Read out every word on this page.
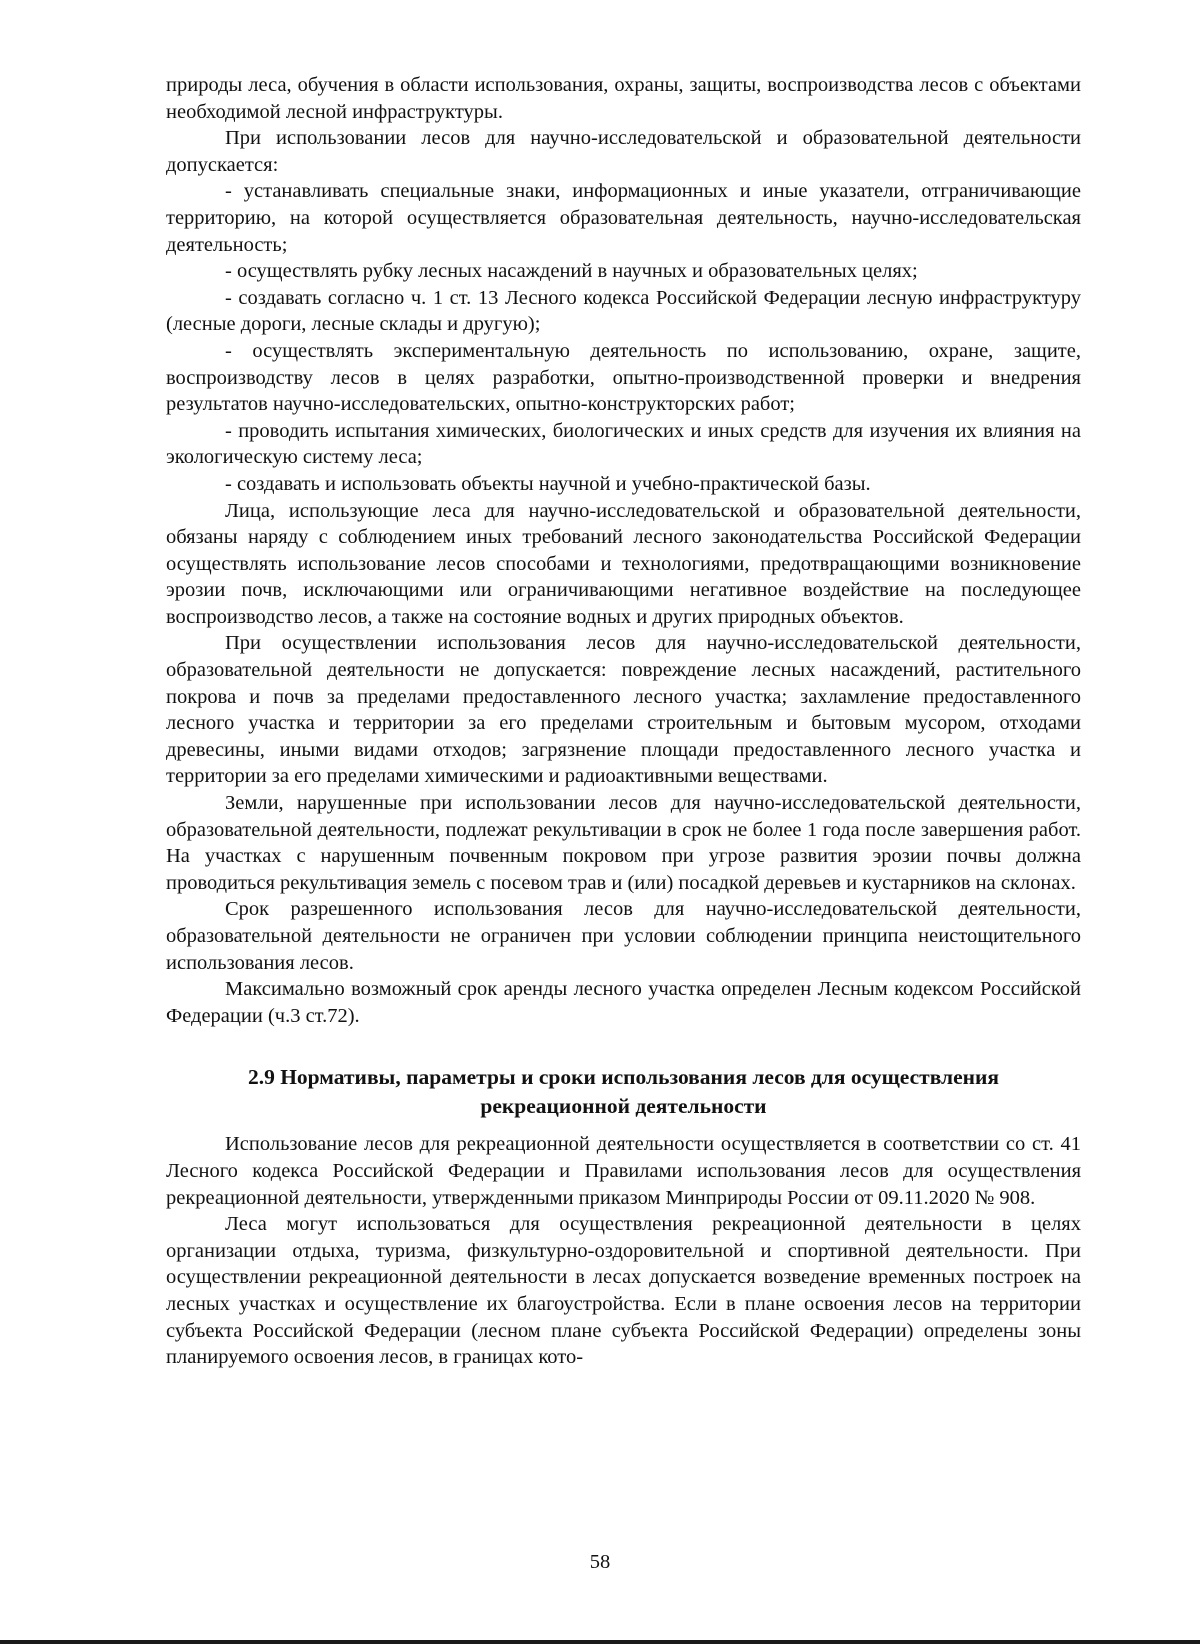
природы леса, обучения в области использования, охраны, защиты, воспроизводства лесов с объектами необходимой лесной инфраструктуры.

При использовании лесов для научно-исследовательской и образовательной деятельности допускается:

- устанавливать специальные знаки, информационных и иные указатели, отграничивающие территорию, на которой осуществляется образовательная деятельность, научно-исследовательская деятельность;

- осуществлять рубку лесных насаждений в научных и образовательных целях;

- создавать согласно ч. 1 ст. 13 Лесного кодекса Российской Федерации лесную инфраструктуру (лесные дороги, лесные склады и другую);

- осуществлять экспериментальную деятельность по использованию, охране, защите, воспроизводству лесов в целях разработки, опытно-производственной проверки и внедрения результатов научно-исследовательских, опытно-конструкторских работ;

- проводить испытания химических, биологических и иных средств для изучения их влияния на экологическую систему леса;

- создавать и использовать объекты научной и учебно-практической базы.

Лица, использующие леса для научно-исследовательской и образовательной деятельности, обязаны наряду с соблюдением иных требований лесного законодательства Российской Федерации осуществлять использование лесов способами и технологиями, предотвращающими возникновение эрозии почв, исключающими или ограничивающими негативное воздействие на последующее воспроизводство лесов, а также на состояние водных и других природных объектов.

При осуществлении использования лесов для научно-исследовательской деятельности, образовательной деятельности не допускается: повреждение лесных насаждений, растительного покрова и почв за пределами предоставленного лесного участка; захламление предоставленного лесного участка и территории за его пределами строительным и бытовым мусором, отходами древесины, иными видами отходов; загрязнение площади предоставленного лесного участка и территории за его пределами химическими и радиоактивными веществами.

Земли, нарушенные при использовании лесов для научно-исследовательской деятельности, образовательной деятельности, подлежат рекультивации в срок не более 1 года после завершения работ. На участках с нарушенным почвенным покровом при угрозе развития эрозии почвы должна проводиться рекультивация земель с посевом трав и (или) посадкой деревьев и кустарников на склонах.

Срок разрешенного использования лесов для научно-исследовательской деятельности, образовательной деятельности не ограничен при условии соблюдении принципа неистощительного использования лесов.

Максимально возможный срок аренды лесного участка определен Лесным кодексом Российской Федерации (ч.3 ст.72).

2.9 Нормативы, параметры и сроки использования лесов для осуществления
рекреационной деятельности

Использование лесов для рекреационной деятельности осуществляется в соответствии со ст. 41 Лесного кодекса Российской Федерации и Правилами использования лесов для осуществления рекреационной деятельности, утвержденными приказом Минприроды России от 09.11.2020 № 908.

Леса могут использоваться для осуществления рекреационной деятельности в целях организации отдыха, туризма, физкультурно-оздоровительной и спортивной деятельности. При осуществлении рекреационной деятельности в лесах допускается возведение временных построек на лесных участках и осуществление их благоустройства. Если в плане освоения лесов на территории субъекта Российской Федерации (лесном плане субъекта Российской Федерации) определены зоны планируемого освоения лесов, в границах кото-

58
